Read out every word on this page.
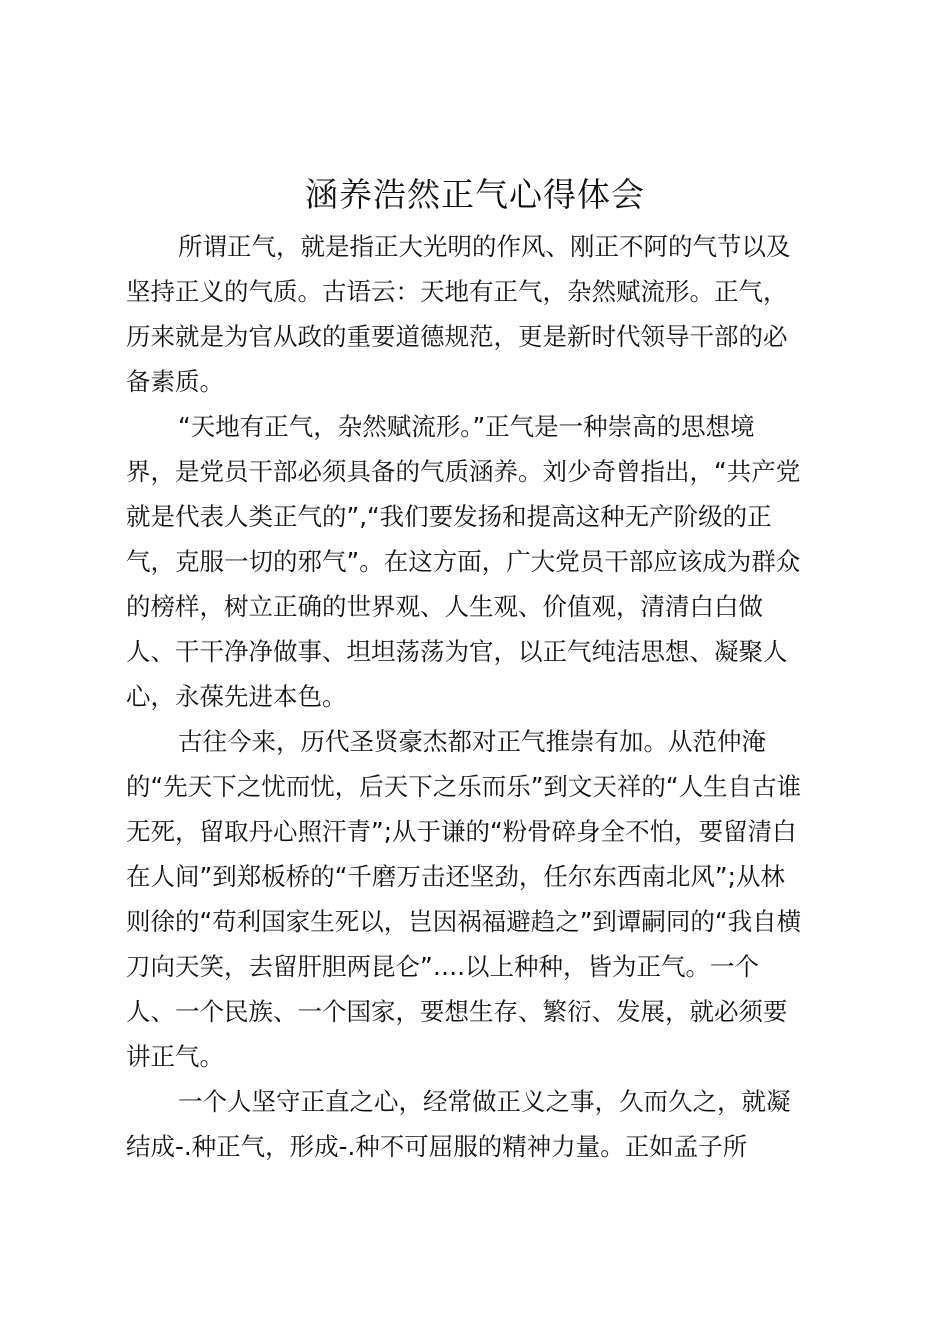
涵养浩然正气心得体会
所谓正气，就是指正大光明的作风、刚正不阿的气节以及
坚持正义的气质。古语云：天地有正气，杂然赋流形。正气，
历来就是为官从政的重要道德规范，更是新时代领导干部的必
备素质。
“天地有正气，杂然赋流形。”正气是一种崇高的思想境
界，是党员干部必须具备的气质涵养。刘少奇曾指出，“共产党
就是代表人类正气的”,“我们要发扬和提高这种无产阶级的正
气，克服一切的邪气”。在这方面，广大党员干部应该成为群众
的榜样，树立正确的世界观、人生观、价值观，清清白白做
人、干干净净做事、坦坦荡荡为官，以正气纯洁思想、凝聚人
心，永葆先进本色。
古往今来，历代圣贤豪杰都对正气推崇有加。从范仲淹
的“先天下之忧而忧，后天下之乐而乐”到文天祥的“人生自古谁
无死，留取丹心照汗青”;从于谦的“粉骨碎身全不怕，要留清白
在人间”到郑板桥的“千磨万击还坚劲，任尔东西南北风”;从林
则徐的“苟利国家生死以，岂因祸福避趋之”到谭嗣同的“我自横
刀向天笑，去留肝胆两昆仑”….以上种种，皆为正气。一个
人、一个民族、一个国家，要想生存、繁衍、发展，就必须要
讲正气。
一个人坚守正直之心，经常做正义之事，久而久之，就凝
结成-.种正气，形成-.种不可屈服的精神力量。正如孟子所
